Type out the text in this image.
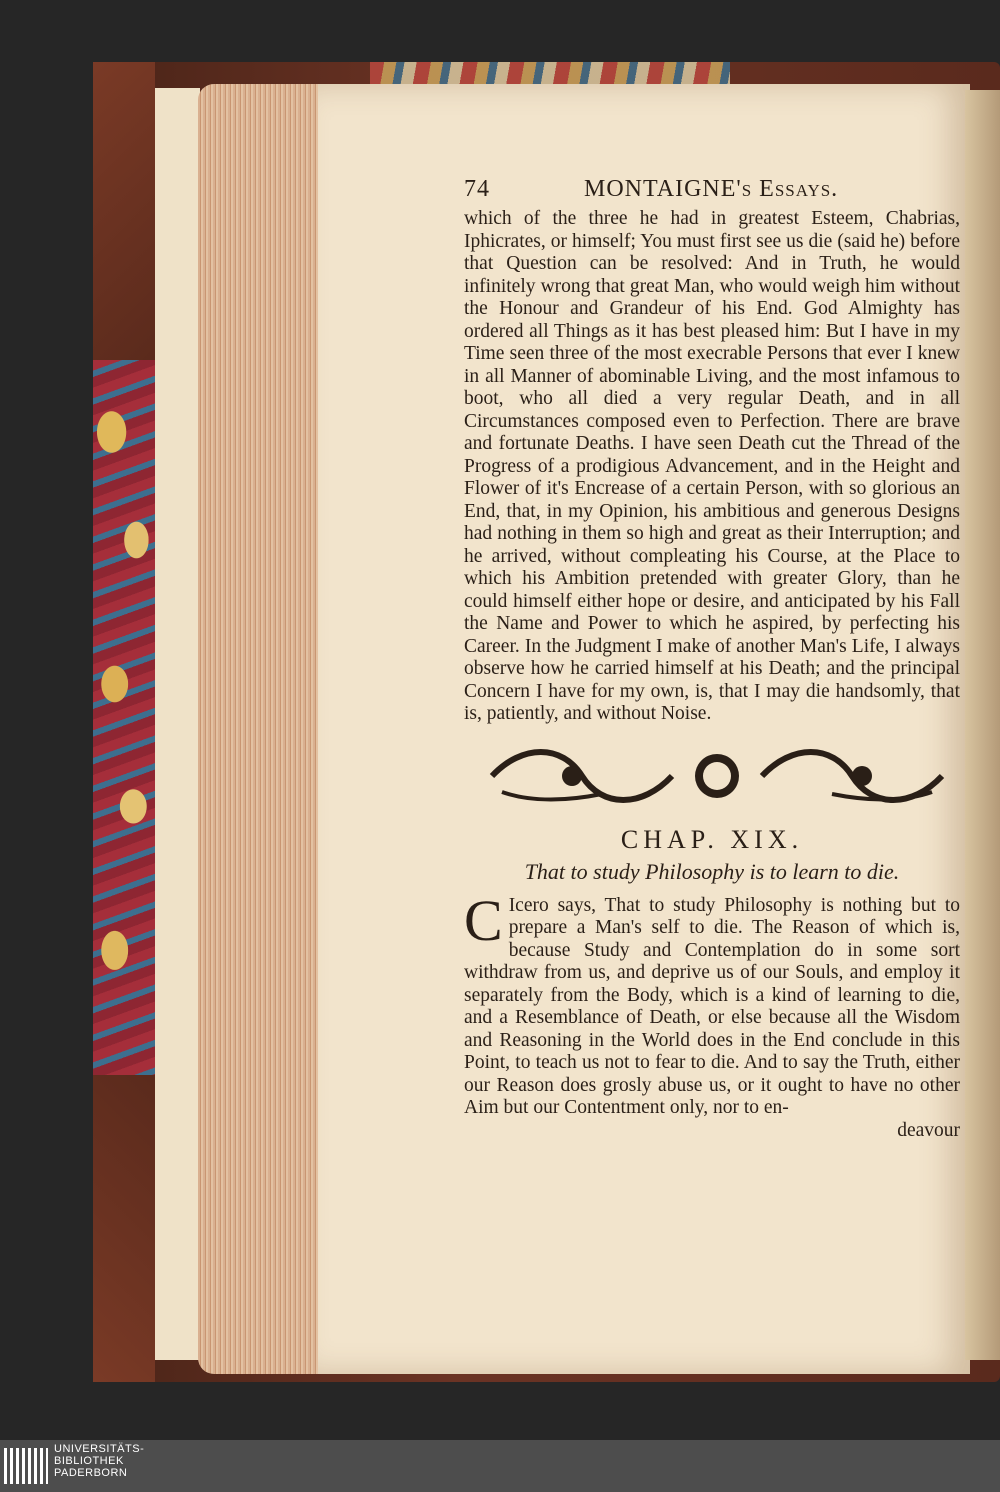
74	MONTAIGNE's Essays.

which of the three he had in greatest Esteem, Chabrias, Iphicrates, or himself; You must first see us die (said he) before that Question can be resolved: And in Truth, he would infinitely wrong that great Man, who would weigh him without the Honour and Grandeur of his End. God Almighty has ordered all Things as it has best pleased him: But I have in my Time seen three of the most execrable Persons that ever I knew in all Manner of abominable Living, and the most infamous to boot, who all died a very regular Death, and in all Circumstances composed even to Perfection. There are brave and fortunate Deaths. I have seen Death cut the Thread of the Progress of a prodigious Advancement, and in the Height and Flower of it's Encrease of a certain Person, with so glorious an End, that, in my Opinion, his ambitious and generous Designs had nothing in them so high and great as their Interruption; and he arrived, without compleating his Course, at the Place to which his Ambition pretended with greater Glory, than he could himself either hope or desire, and anticipated by his Fall the Name and Power to which he aspired, by perfecting his Career. In the Judgment I make of another Man's Life, I always observe how he carried himself at his Death; and the principal Concern I have for my own, is, that I may die handsomly, that is, patiently, and without Noise.

CHAP. XIX.
That to study Philosophy is to learn to die.

C Icero says, That to study Philosophy is nothing but to prepare a Man's self to die. The Reason of which is, because Study and Contemplation do in some sort withdraw from us, and deprive us of our Souls, and employ it separately from the Body, which is a kind of learning to die, and a Resemblance of Death, or else because all the Wisdom and Reasoning in the World does in the End conclude in this Point, to teach us not to fear to die. And to say the Truth, either our Reason does grosly abuse us, or it ought to have no other Aim but our Contentment only, nor to en-

deavour
UNIVERSITÄTS-
BIBLIOTHEK
PADERBORN
